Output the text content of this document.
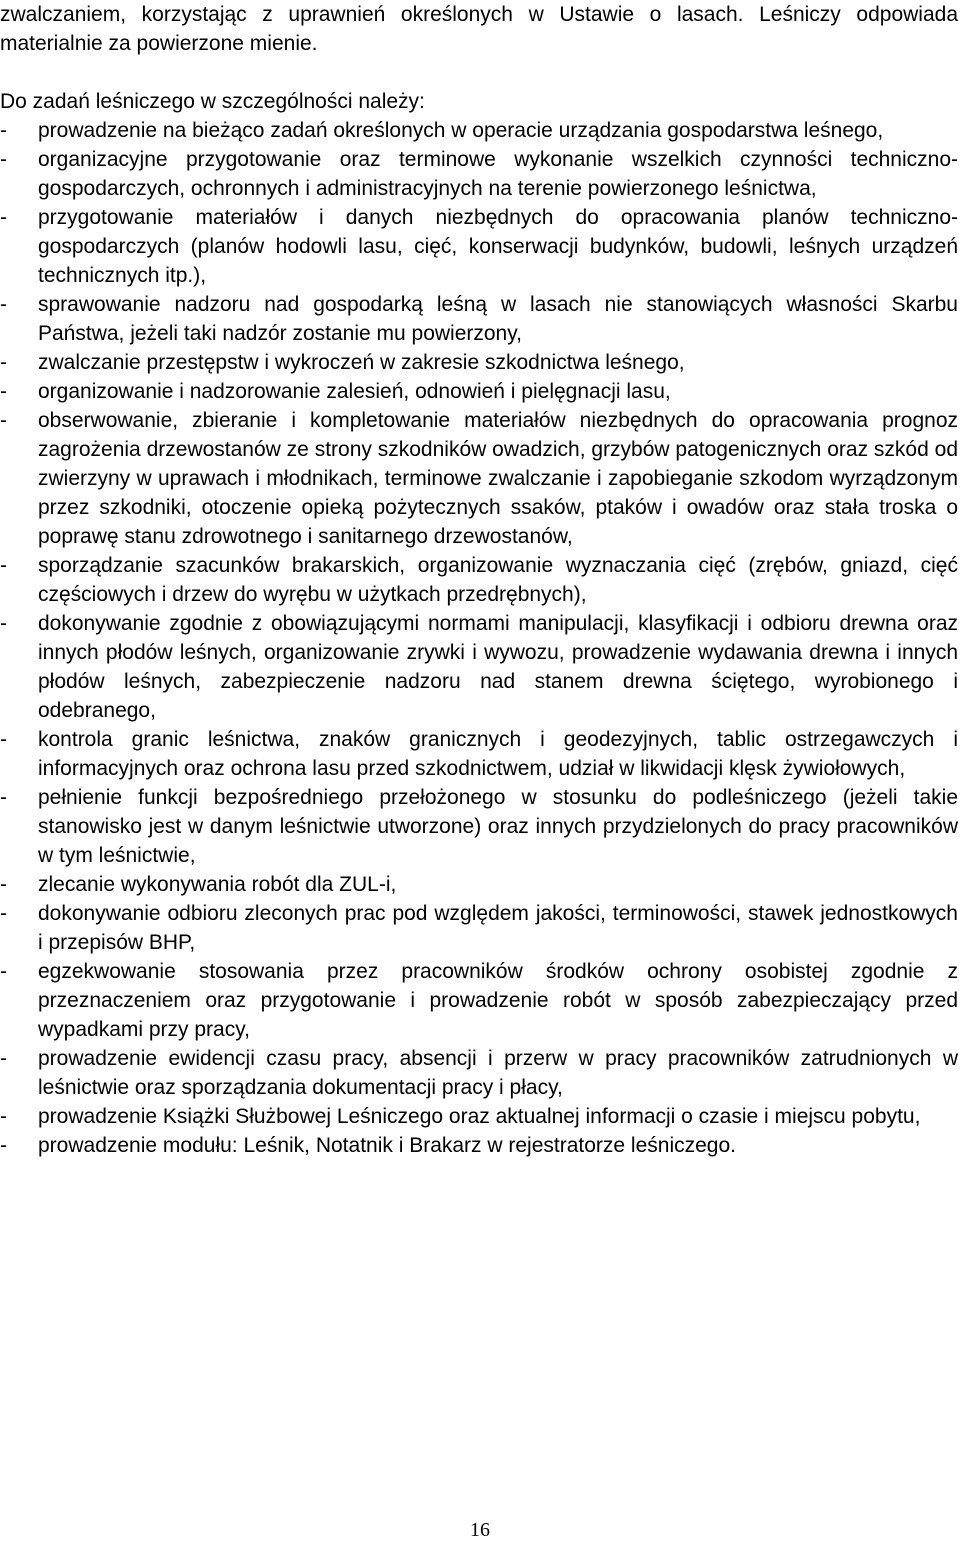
zwalczaniem, korzystając z uprawnień określonych w Ustawie o lasach. Leśniczy odpowiada materialnie za powierzone mienie.

Do zadań leśniczego w szczególności należy:

- prowadzenie na bieżąco zadań określonych w operacie urządzania gospodarstwa leśnego,
- organizacyjne przygotowanie oraz terminowe wykonanie wszelkich czynności techniczno-gospodarczych, ochronnych i administracyjnych na terenie powierzonego leśnictwa,
- przygotowanie materiałów i danych niezbędnych do opracowania planów techniczno-gospodarczych (planów hodowli lasu, cięć, konserwacji budynków, budowli, leśnych urządzeń technicznych itp.),
- sprawowanie nadzoru nad gospodarką leśną w lasach nie stanowiących własności Skarbu Państwa, jeżeli taki nadzór zostanie mu powierzony,
- zwalczanie przestępstw i wykroczeń w zakresie szkodnictwa leśnego,
- organizowanie i nadzorowanie zalesień, odnowień i pielęgnacji lasu,
- obserwowanie, zbieranie i kompletowanie materiałów niezbędnych do opracowania prognoz zagrożenia drzewostanów ze strony szkodników owadzich, grzybów patogenicznych oraz szkód od zwierzyny w uprawach i młodnikach, terminowe zwalczanie i zapobieganie szkodom wyrządzonym przez szkodniki, otoczenie opieką pożytecznych ssaków, ptaków i owadów oraz stała troska o poprawę stanu zdrowotnego i sanitarnego drzewostanów,
- sporządzanie szacunków brakarskich, organizowanie wyznaczania cięć (zrębów, gniazd, cięć częściowych i drzew do wyrębu w użytkach przedrębnych),
- dokonywanie zgodnie z obowiązującymi normami manipulacji, klasyfikacji i odbioru drewna oraz innych płodów leśnych, organizowanie zrywki i wywozu, prowadzenie wydawania drewna i innych płodów leśnych, zabezpieczenie nadzoru nad stanem drewna ściętego, wyrobionego i odebranego,
- kontrola granic leśnictwa, znaków granicznych i geodezyjnych, tablic ostrzegawczych i informacyjnych oraz ochrona lasu przed szkodnictwem, udział w likwidacji klęsk żywiołowych,
- pełnienie funkcji bezpośredniego przełożonego w stosunku do podleśniczego (jeżeli takie stanowisko jest w danym leśnictwie utworzone) oraz innych przydzielonych do pracy pracowników w tym leśnictwie,
- zlecanie wykonywania robót dla ZUL-i,
- dokonywanie odbioru zleconych prac pod względem jakości, terminowości, stawek jednostkowych i przepisów BHP,
- egzekwowanie stosowania przez pracowników środków ochrony osobistej zgodnie z przeznaczeniem oraz przygotowanie i prowadzenie robót w sposób zabezpieczający przed wypadkami przy pracy,
- prowadzenie ewidencji czasu pracy, absencji i przerw w pracy pracowników zatrudnionych w leśnictwie oraz sporządzania dokumentacji pracy i płacy,
- prowadzenie Książki Służbowej Leśniczego oraz aktualnej informacji o czasie i miejscu pobytu,
- prowadzenie modułu: Leśnik, Notatnik i Brakarz w rejestratorze leśniczego.
16
